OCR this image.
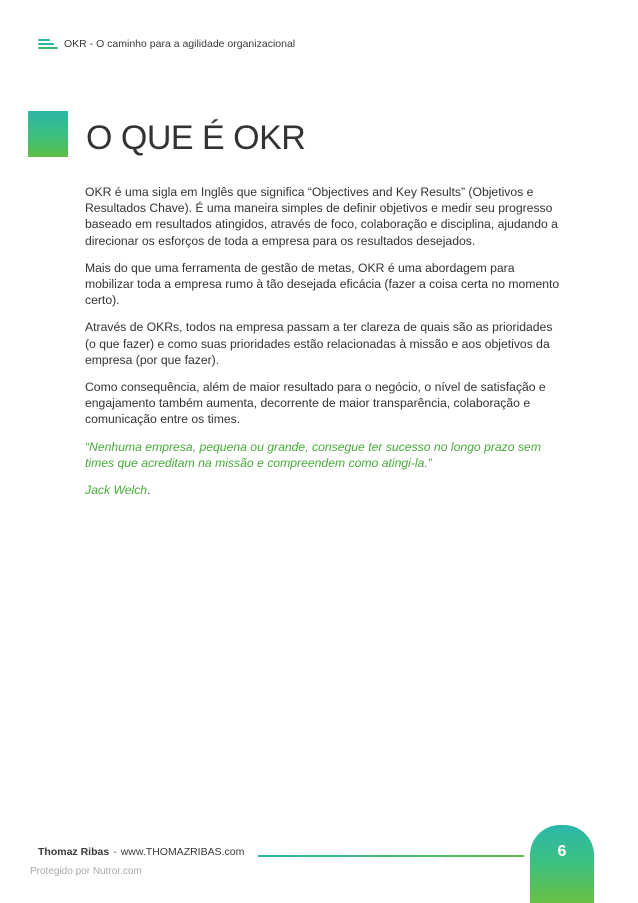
OKR - O caminho para a agilidade organizacional
O QUE É OKR

OKR é uma sigla em Inglês que significa “Objectives and Key Results” (Objetivos e Resultados Chave). É uma maneira simples de definir objetivos e medir seu progresso baseado em resultados atingidos, através de foco, colaboração e disciplina, ajudando a direcionar os esforços de toda a empresa para os resultados desejados.

Mais do que uma ferramenta de gestão de metas, OKR é uma abordagem para mobilizar toda a empresa rumo à tão desejada eficácia (fazer a coisa certa no momento certo).

Através de OKRs, todos na empresa passam a ter clareza de quais são as prioridades (o que fazer) e como suas prioridades estão relacionadas à missão e aos objetivos da empresa (por que fazer).

Como consequência, além de maior resultado para o negócio, o nível de satisfação e engajamento também aumenta, decorrente de maior transparência, colaboração e comunicação entre os times.

“Nenhuma empresa, pequena ou grande, consegue ter sucesso no longo prazo sem times que acreditam na missão e compreendem como atingi-la.”

Jack Welch.

Thomaz Ribas - www.THOMAZRIBAS.com	6
Protegido por Nutror.com
